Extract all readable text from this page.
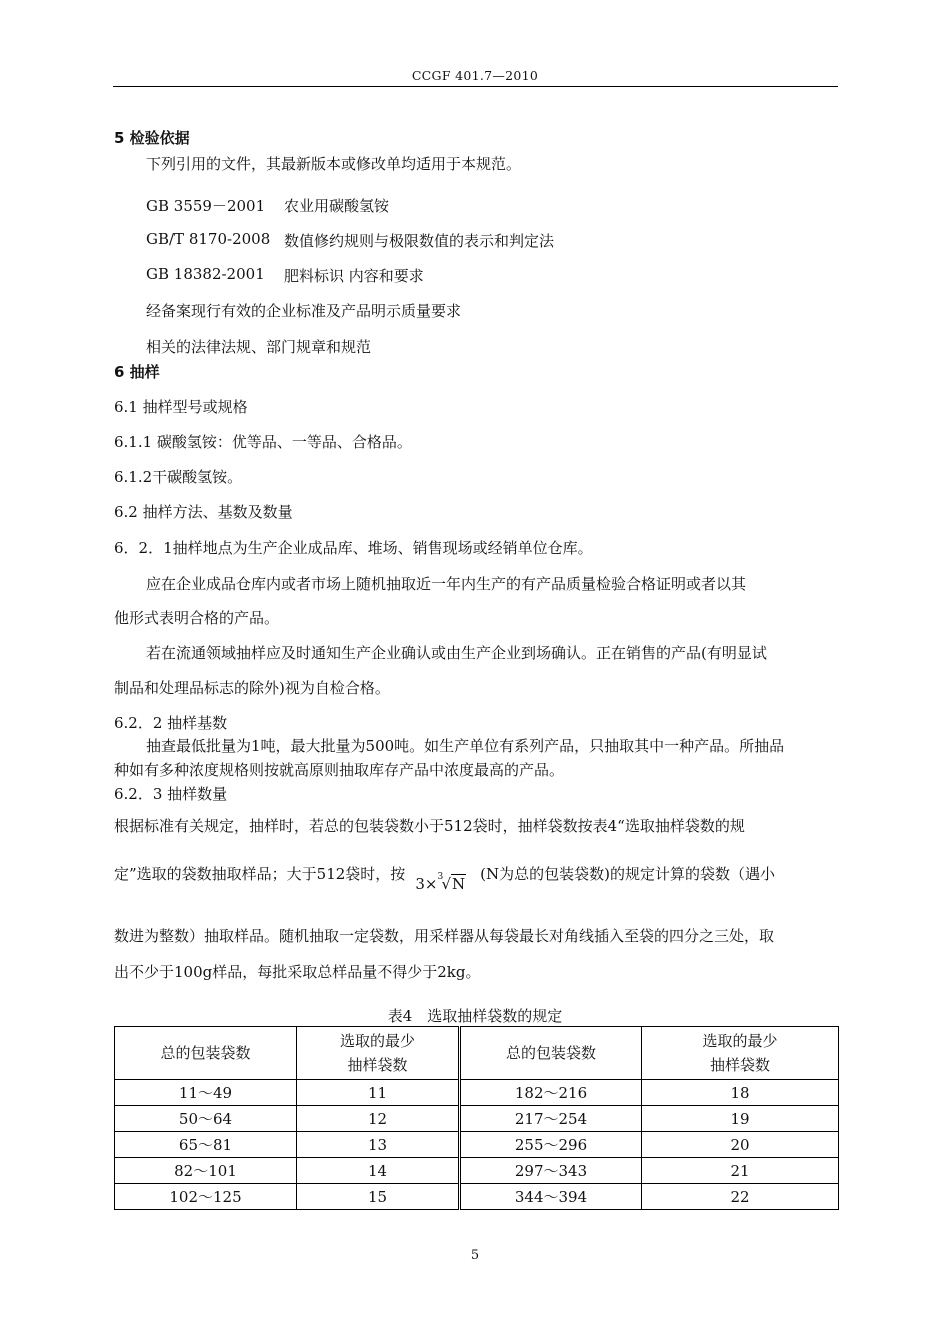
CCGF 401.7—2010
5 检验依据
下列引用的文件，其最新版本或修改单均适用于本规范。
GB 3559－2001 农业用碳酸氢铵
GB/T 8170-2008 数值修约规则与极限数值的表示和判定法
GB 18382-2001 肥料标识 内容和要求
经备案现行有效的企业标准及产品明示质量要求
相关的法律法规、部门规章和规范
6 抽样
6.1 抽样型号或规格
6.1.1 碳酸氢铵：优等品、一等品、合格品。
6.1.2干碳酸氢铵。
6.2 抽样方法、基数及数量
6．2．1抽样地点为生产企业成品库、堆场、销售现场或经销单位仓库。
应在企业成品仓库内或者市场上随机抽取近一年内生产的有产品质量检验合格证明或者以其
他形式表明合格的产品。
若在流通领域抽样应及时通知生产企业确认或由生产企业到场确认。正在销售的产品(有明显试
制品和处理品标志的除外)视为自检合格。
6.2．2 抽样基数
抽查最低批量为1吨，最大批量为500吨。如生产单位有系列产品，只抽取其中一种产品。所抽品
种如有多种浓度规格则按就高原则抽取库存产品中浓度最高的产品。
6.2．3 抽样数量
根据标准有关规定，抽样时，若总的包装袋数小于512袋时，抽样袋数按表4“选取抽样袋数的规
定”选取的袋数抽取样品；大于512袋时，按3× 3
√N(N为总的包装袋数)的规定计算的袋数（遇小
数进为整数）抽取样品。随机抽取一定袋数，用采样器从每袋最长对角线插入至袋的四分之三处，取
出不少于100g样品，每批采取总样品量不得少于2kg。
表4　选取抽样袋数的规定
总的包装袋数	选取的最少
抽样袋数	总的包装袋数	选取的最少
抽样袋数
11～49	11	182～216	18
50～64	12	217～254	19
65～81	13	255～296	20
82～101	14	297～343	21
102～125	15	344～394	22
5
